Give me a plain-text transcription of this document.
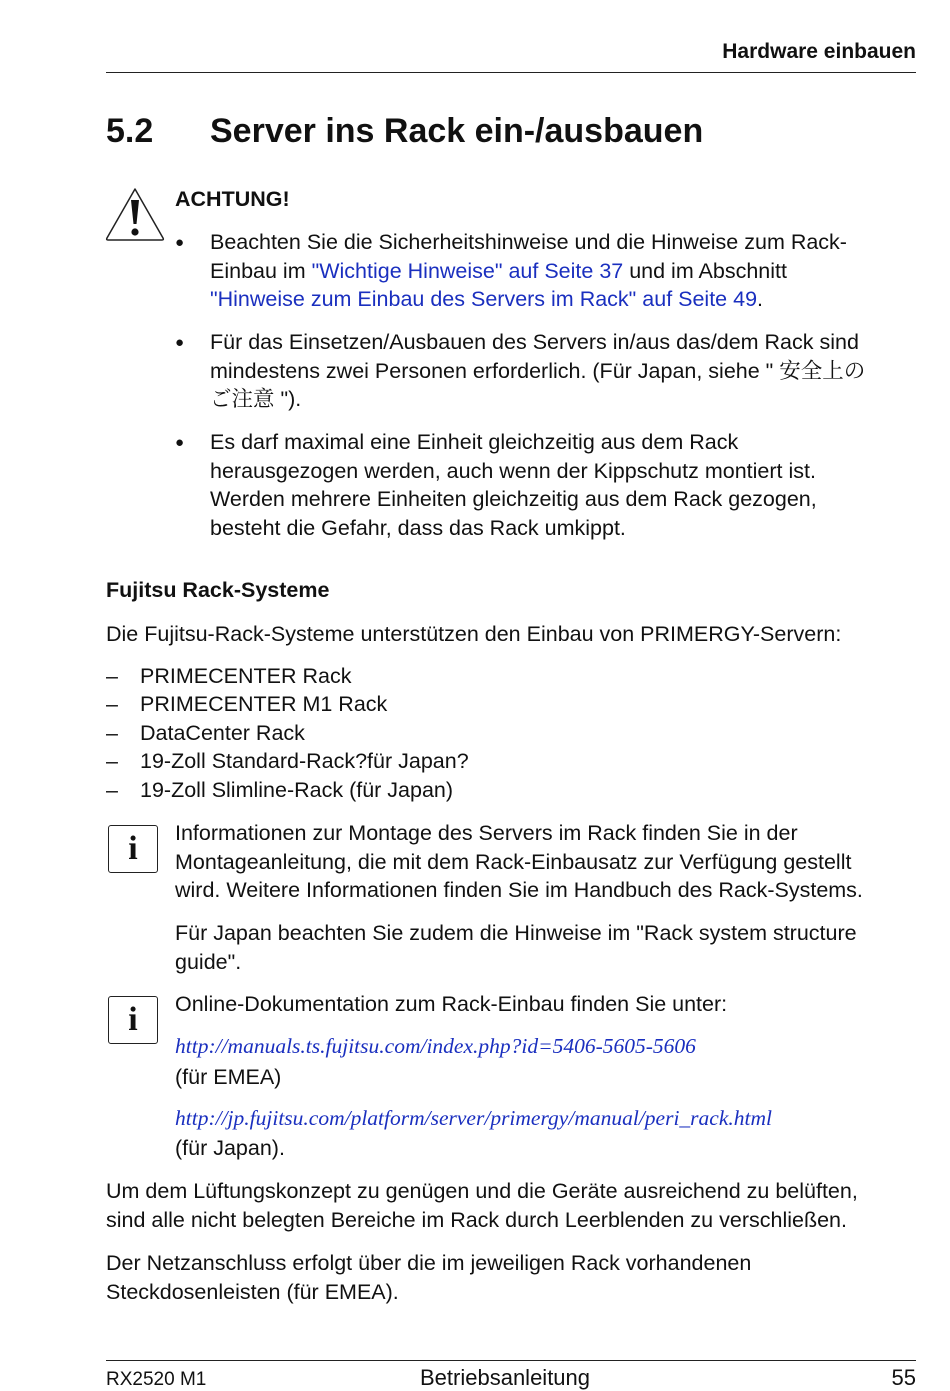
Hardware einbauen
5.2 Server ins Rack ein-/ausbauen
ACHTUNG!
● Beachten Sie die Sicherheitshinweise und die Hinweise zum Rack-
Einbau im "Wichtige Hinweise" auf Seite 37 und im Abschnitt
"Hinweise zum Einbau des Servers im Rack" auf Seite 49.
● Für das Einsetzen/Ausbauen des Servers in/aus das/dem Rack sind
mindestens zwei Personen erforderlich. (Für Japan, siehe " 安全上の
ご注意 ").
● Es darf maximal eine Einheit gleichzeitig aus dem Rack
herausgezogen werden, auch wenn der Kippschutz montiert ist.
Werden mehrere Einheiten gleichzeitig aus dem Rack gezogen,
besteht die Gefahr, dass das Rack umkippt.
Fujitsu Rack-Systeme
Die Fujitsu-Rack-Systeme unterstützen den Einbau von PRIMERGY-Servern:
– PRIMECENTER Rack
– PRIMECENTER M1 Rack
– DataCenter Rack
– 19-Zoll Standard-Rack?für Japan?
– 19-Zoll Slimline-Rack (für Japan)
i	Informationen zur Montage des Servers im Rack finden Sie in der
Montageanleitung, die mit dem Rack-Einbausatz zur Verfügung gestellt
wird. Weitere Informationen finden Sie im Handbuch des Rack-Systems.
Für Japan beachten Sie zudem die Hinweise im "Rack system structure
guide".
i	Online-Dokumentation zum Rack-Einbau finden Sie unter:
http://manuals.ts.fujitsu.com/index.php?id=5406-5605-5606
(für EMEA)
http://jp.fujitsu.com/platform/server/primergy/manual/peri_rack.html
(für Japan).
Um dem Lüftungskonzept zu genügen und die Geräte ausreichend zu belüften,
sind alle nicht belegten Bereiche im Rack durch Leerblenden zu verschließen.
Der Netzanschluss erfolgt über die im jeweiligen Rack vorhandenen
Steckdosenleisten (für EMEA).
RX2520 M1	Betriebsanleitung	55
